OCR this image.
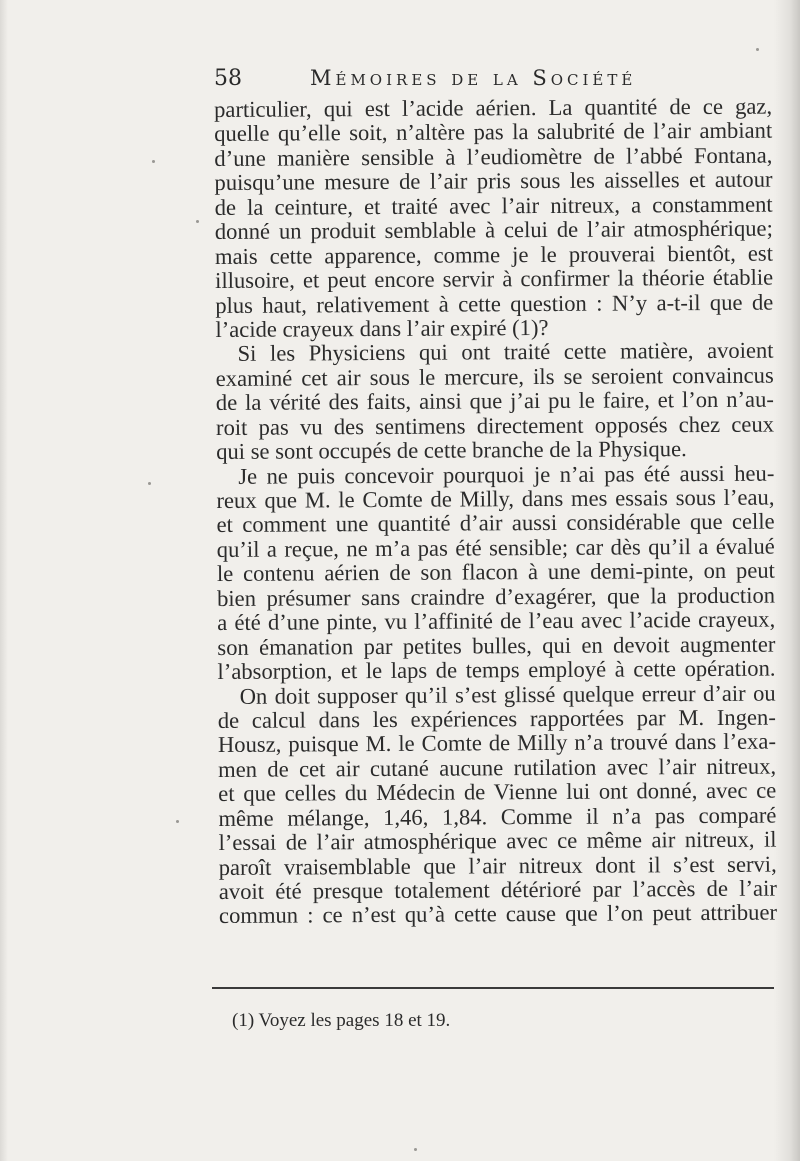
58	Mémoires de la Société
particulier, qui est l’acide aérien. La quantité de ce gaz,
quelle qu’elle soit, n’altère pas la salubrité de l’air ambiant
d’une manière sensible à l’eudiomètre de l’abbé Fontana,
puisqu’une mesure de l’air pris sous les aisselles et autour
de la ceinture, et traité avec l’air nitreux, a constamment
donné un produit semblable à celui de l’air atmosphérique;
mais cette apparence, comme je le prouverai bientôt, est
illusoire, et peut encore servir à confirmer la théorie établie
plus haut, relativement à cette question : N’y a-t-il que de
l’acide crayeux dans l’air expiré (1)?
Si les Physiciens qui ont traité cette matière, avoient
examiné cet air sous le mercure, ils se seroient convaincus
de la vérité des faits, ainsi que j’ai pu le faire, et l’on n’au-
roit pas vu des sentimens directement opposés chez ceux
qui se sont occupés de cette branche de la Physique.
Je ne puis concevoir pourquoi je n’ai pas été aussi heu-
reux que M. le Comte de Milly, dans mes essais sous l’eau,
et comment une quantité d’air aussi considérable que celle
qu’il a reçue, ne m’a pas été sensible; car dès qu’il a évalué
le contenu aérien de son flacon à une demi-pinte, on peut
bien présumer sans craindre d’exagérer, que la production
a été d’une pinte, vu l’affinité de l’eau avec l’acide crayeux,
son émanation par petites bulles, qui en devoit augmenter
l’absorption, et le laps de temps employé à cette opération.
On doit supposer qu’il s’est glissé quelque erreur d’air ou
de calcul dans les expériences rapportées par M. Ingen-
Housz, puisque M. le Comte de Milly n’a trouvé dans l’exa-
men de cet air cutané aucune rutilation avec l’air nitreux,
et que celles du Médecin de Vienne lui ont donné, avec ce
même mélange, 1,46, 1,84. Comme il n’a pas comparé
l’essai de l’air atmosphérique avec ce même air nitreux, il
paroît vraisemblable que l’air nitreux dont il s’est servi,
avoit été presque totalement détérioré par l’accès de l’air
commun : ce n’est qu’à cette cause que l’on peut attribuer
(1) Voyez les pages 18 et 19.
